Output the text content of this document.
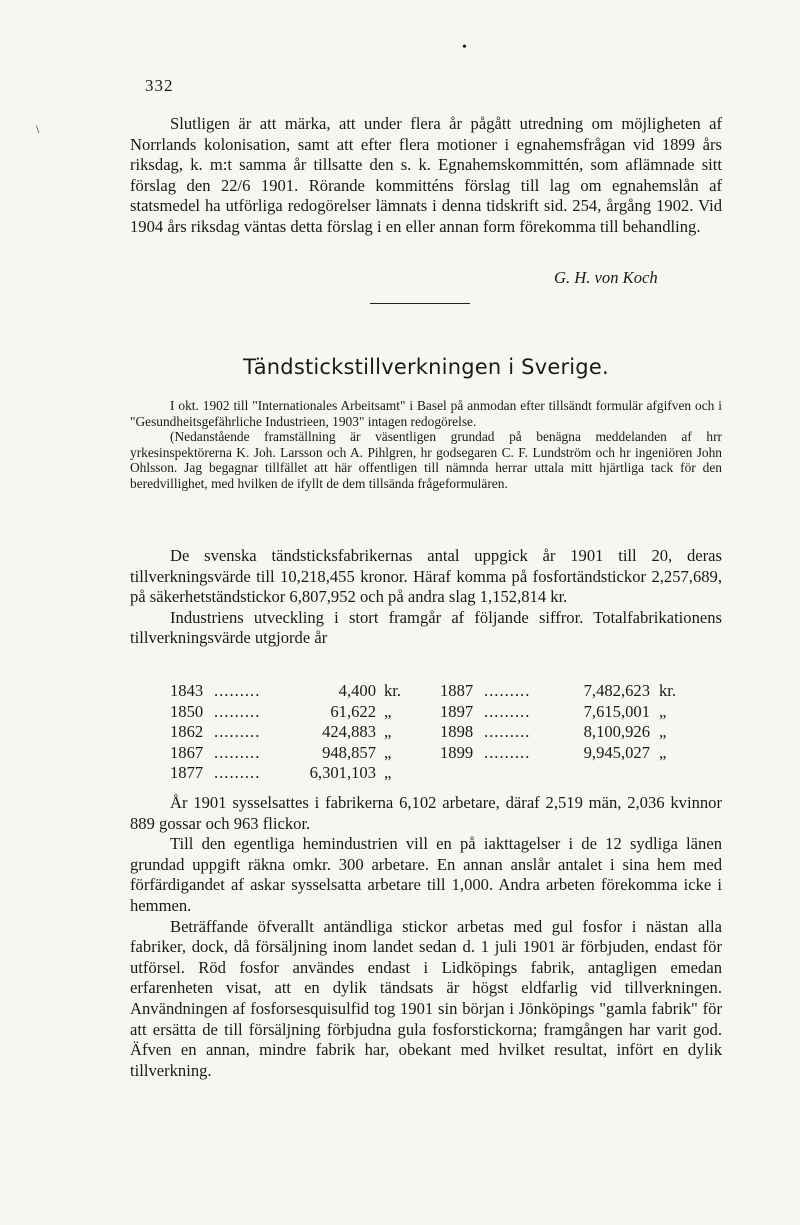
•
332
\	Slutligen är att märka, att under flera år pågått utredning om möjligheten af Norrlands kolonisation, samt att efter flera motioner i egnahemsfrågan vid 1899 års riksdag, k. m:t samma år tillsatte den s. k. Egnahemskommittén, som aflämnade sitt förslag den 22/6 1901. Rörande kommitténs förslag till lag om egnahemslån af statsmedel ha utförliga redogörelser lämnats i denna tidskrift sid. 254, årgång 1902. Vid 1904 års riksdag väntas detta förslag i en eller annan form förekomma till behandling.

G. H. von Koch
Tändstickstillverkningen i Sverige.

I okt. 1902 till "Internationales Arbeitsamt" i Basel på anmodan efter tillsändt formulär afgifven och i "Gesundheitsgefährliche Industrieen, 1903" intagen redogörelse.

(Nedanstående framställning är väsentligen grundad på benägna meddelanden af hrr yrkesinspektörerna K. Joh. Larsson och A. Pihlgren, hr godsegaren C. F. Lundström och hr ingeniören John Ohlsson. Jag begagnar tillfället att här offentligen till nämnda herrar uttala mitt hjärtliga tack för den beredvillighet, med hvilken de ifyllt de dem tillsända frågeformulären.

De svenska tändsticksfabrikernas antal uppgick år 1901 till 20, deras tillverkningsvärde till 10,218,455 kronor. Häraf komma på fosfortändstickor 2,257,689, på säkerhetständstickor 6,807,952 och på andra slag 1,152,814 kr.

Industriens utveckling i stort framgår af följande siffror. Totalfabrikationens tillverkningsvärde utgjorde år

1843 .........	4,400 kr.
1850 .........	61,622 „
1862 .........	424,883 „
1867 .........	948,857 „
1877 .........	6,301,103 „
1887 .........	7,482,623 kr.
1897 .........	7,615,001 „
1898 .........	8,100,926 „
1899 .........	9,945,027 „

År 1901 sysselsattes i fabrikerna 6,102 arbetare, däraf 2,519 män, 2,036 kvinnor 889 gossar och 963 flickor.

Till den egentliga hemindustrien vill en på iakttagelser i de 12 sydliga länen grundad uppgift räkna omkr. 300 arbetare. En annan anslår antalet i sina hem med förfärdigandet af askar sysselsatta arbetare till 1,000. Andra arbeten förekomma icke i hemmen.

Beträffande öfverallt antändliga stickor arbetas med gul fosfor i nästan alla fabriker, dock, då försäljning inom landet sedan d. 1 juli 1901 är förbjuden, endast för utförsel. Röd fosfor användes endast i Lidköpings fabrik, antagligen emedan erfarenheten visat, att en dylik tändsats är högst eldfarlig vid tillverkningen. Användningen af fosforsesquisulfid tog 1901 sin början i Jönköpings "gamla fabrik" för att ersätta de till försäljning förbjudna gula fosforstickorna; framgången har varit god. Äfven en annan, mindre fabrik har, obekant med hvilket resultat, infört en dylik tillverkning.
